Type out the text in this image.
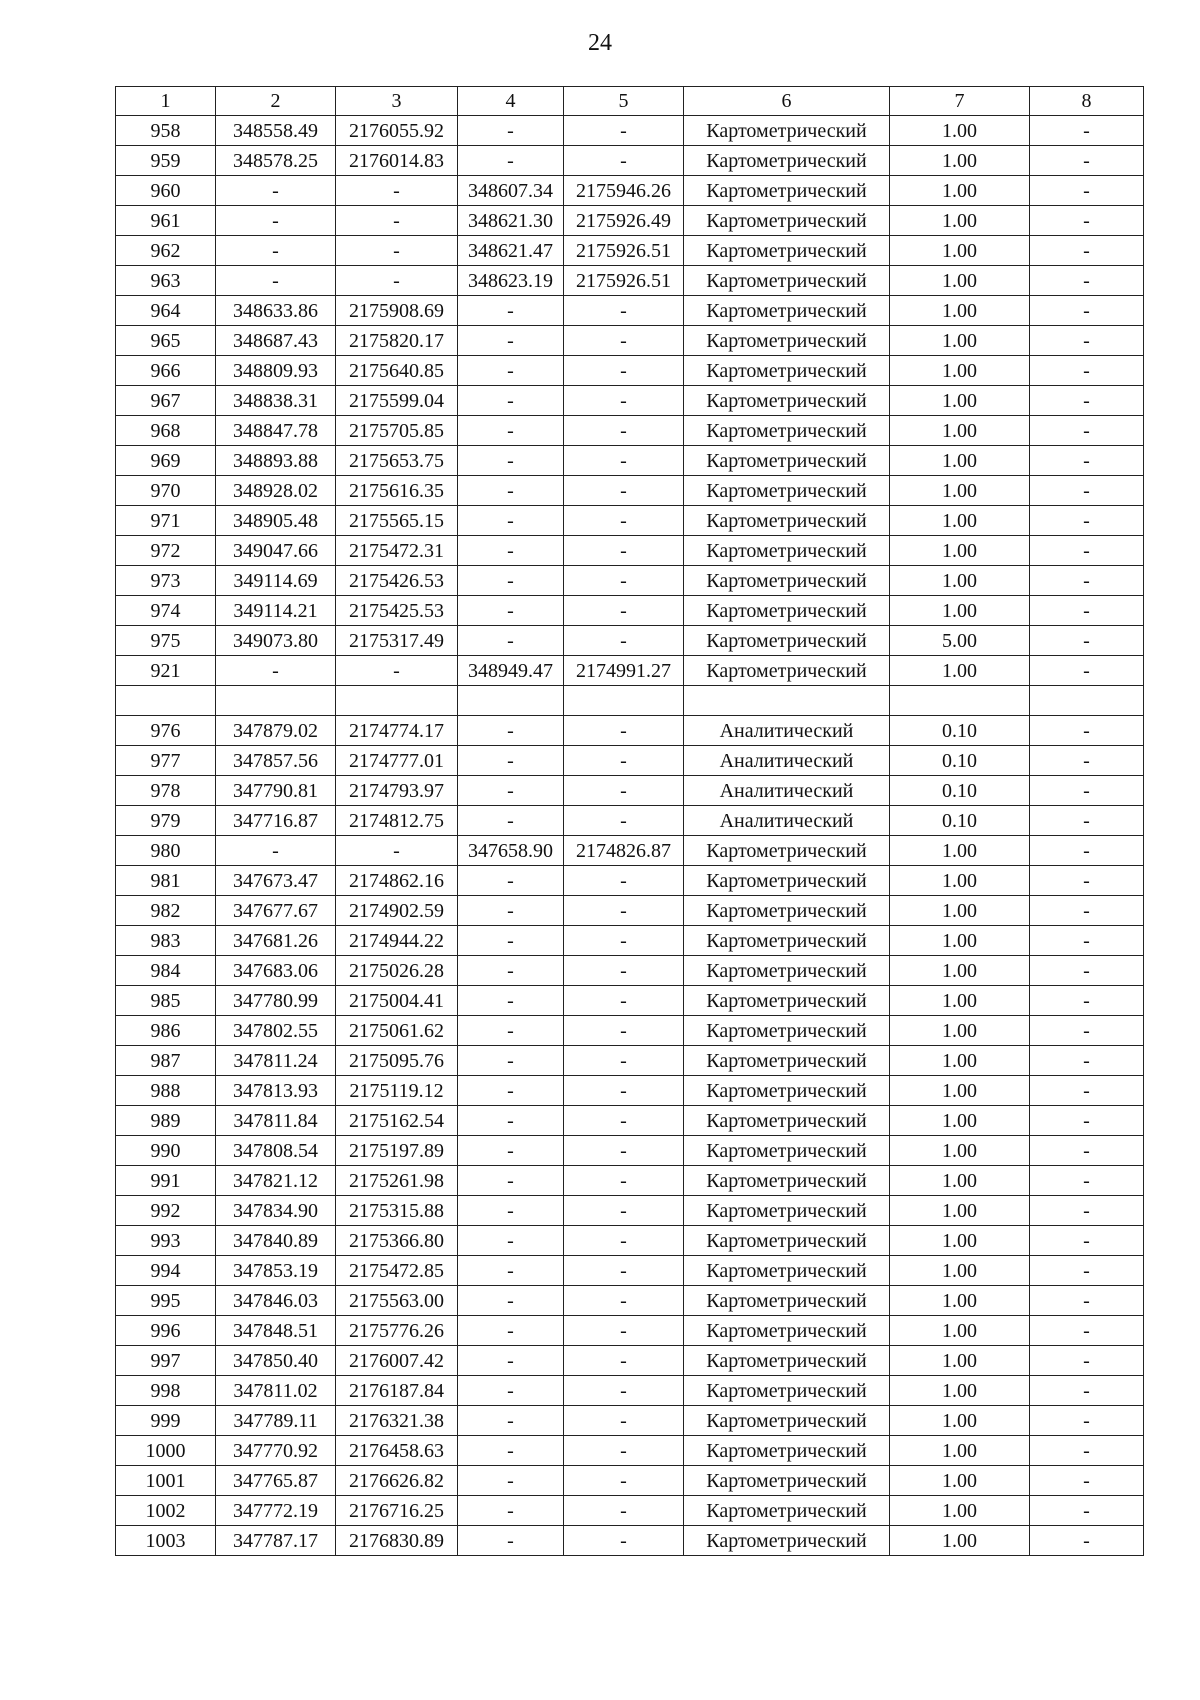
24
1	2	3	4	5	6	7	8
958	348558.49	2176055.92	-	-	Картометрический	1.00	-
959	348578.25	2176014.83	-	-	Картометрический	1.00	-
960	-	-	348607.34	2175946.26	Картометрический	1.00	-
961	-	-	348621.30	2175926.49	Картометрический	1.00	-
962	-	-	348621.47	2175926.51	Картометрический	1.00	-
963	-	-	348623.19	2175926.51	Картометрический	1.00	-
964	348633.86	2175908.69	-	-	Картометрический	1.00	-
965	348687.43	2175820.17	-	-	Картометрический	1.00	-
966	348809.93	2175640.85	-	-	Картометрический	1.00	-
967	348838.31	2175599.04	-	-	Картометрический	1.00	-
968	348847.78	2175705.85	-	-	Картометрический	1.00	-
969	348893.88	2175653.75	-	-	Картометрический	1.00	-
970	348928.02	2175616.35	-	-	Картометрический	1.00	-
971	348905.48	2175565.15	-	-	Картометрический	1.00	-
972	349047.66	2175472.31	-	-	Картометрический	1.00	-
973	349114.69	2175426.53	-	-	Картометрический	1.00	-
974	349114.21	2175425.53	-	-	Картометрический	1.00	-
975	349073.80	2175317.49	-	-	Картометрический	5.00	-
921	-	-	348949.47	2174991.27	Картометрический	1.00	-

976	347879.02	2174774.17	-	-	Аналитический	0.10	-
977	347857.56	2174777.01	-	-	Аналитический	0.10	-
978	347790.81	2174793.97	-	-	Аналитический	0.10	-
979	347716.87	2174812.75	-	-	Аналитический	0.10	-
980	-	-	347658.90	2174826.87	Картометрический	1.00	-
981	347673.47	2174862.16	-	-	Картометрический	1.00	-
982	347677.67	2174902.59	-	-	Картометрический	1.00	-
983	347681.26	2174944.22	-	-	Картометрический	1.00	-
984	347683.06	2175026.28	-	-	Картометрический	1.00	-
985	347780.99	2175004.41	-	-	Картометрический	1.00	-
986	347802.55	2175061.62	-	-	Картометрический	1.00	-
987	347811.24	2175095.76	-	-	Картометрический	1.00	-
988	347813.93	2175119.12	-	-	Картометрический	1.00	-
989	347811.84	2175162.54	-	-	Картометрический	1.00	-
990	347808.54	2175197.89	-	-	Картометрический	1.00	-
991	347821.12	2175261.98	-	-	Картометрический	1.00	-
992	347834.90	2175315.88	-	-	Картометрический	1.00	-
993	347840.89	2175366.80	-	-	Картометрический	1.00	-
994	347853.19	2175472.85	-	-	Картометрический	1.00	-
995	347846.03	2175563.00	-	-	Картометрический	1.00	-
996	347848.51	2175776.26	-	-	Картометрический	1.00	-
997	347850.40	2176007.42	-	-	Картометрический	1.00	-
998	347811.02	2176187.84	-	-	Картометрический	1.00	-
999	347789.11	2176321.38	-	-	Картометрический	1.00	-
1000	347770.92	2176458.63	-	-	Картометрический	1.00	-
1001	347765.87	2176626.82	-	-	Картометрический	1.00	-
1002	347772.19	2176716.25	-	-	Картометрический	1.00	-
1003	347787.17	2176830.89	-	-	Картометрический	1.00	-
